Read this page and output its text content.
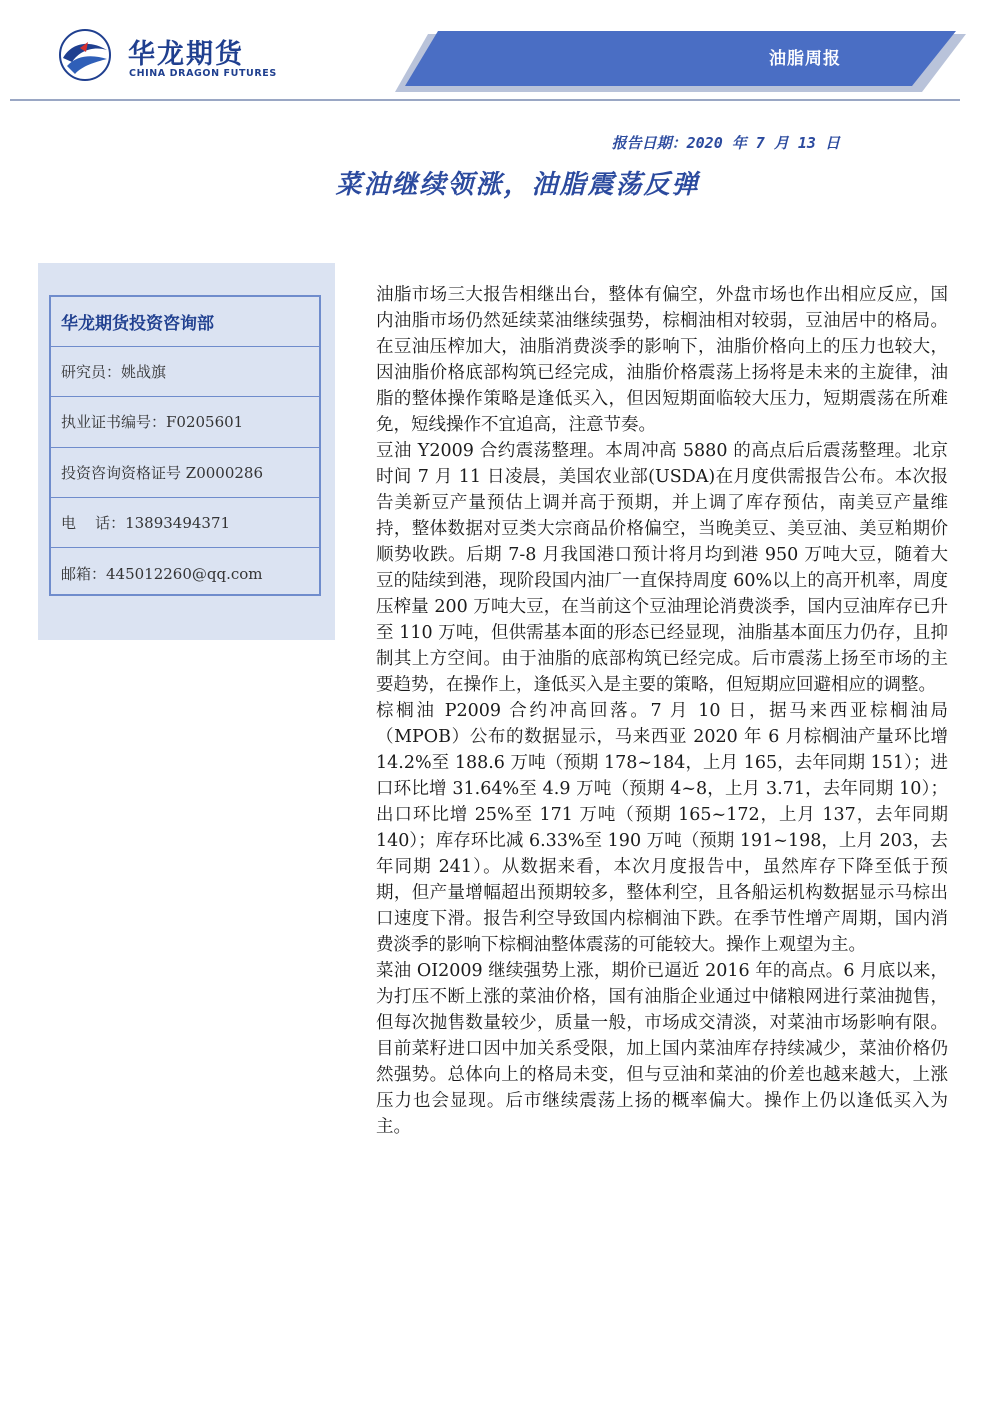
华龙期货
CHINA DRAGON FUTURES
油脂周报
报告日期：2020 年 7 月 13 日
菜油继续领涨，油脂震荡反弹
华龙期货投资咨询部
研究员：姚战旗
执业证书编号：F0205601
投资咨询资格证号 Z0000286
电    话：13893494371
邮箱：445012260@qq.com

油脂市场三大报告相继出台，整体有偏空，外盘市场也作出相应反应，国内油脂市场仍然延续菜油继续强势，棕榈油相对较弱，豆油居中的格局。在豆油压榨加大，油脂消费淡季的影响下，油脂价格向上的压力也较大，因油脂价格底部构筑已经完成，油脂价格震荡上扬将是未来的主旋律，油脂的整体操作策略是逢低买入，但因短期面临较大压力，短期震荡在所难免，短线操作不宜追高，注意节奏。

豆油 Y2009 合约震荡整理。本周冲高 5880 的高点后后震荡整理。北京时间 7 月 11 日凌晨，美国农业部(USDA)在月度供需报告公布。本次报告美新豆产量预估上调并高于预期，并上调了库存预估，南美豆产量维持，整体数据对豆类大宗商品价格偏空，当晚美豆、美豆油、美豆粕期价顺势收跌。后期 7-8 月我国港口预计将月均到港 950 万吨大豆，随着大豆的陆续到港，现阶段国内油厂一直保持周度 60%以上的高开机率，周度压榨量 200 万吨大豆，在当前这个豆油理论消费淡季，国内豆油库存已升至 110 万吨，但供需基本面的形态已经显现，油脂基本面压力仍存，且抑制其上方空间。由于油脂的底部构筑已经完成。后市震荡上扬至市场的主要趋势，在操作上，逢低买入是主要的策略，但短期应回避相应的调整。

棕榈油 P2009 合约冲高回落。7 月 10 日，据马来西亚棕榈油局（MPOB）公布的数据显示，马来西亚 2020 年 6 月棕榈油产量环比增 14.2%至 188.6 万吨（预期 178~184，上月 165，去年同期 151）；进口环比增 31.64%至 4.9 万吨（预期 4~8，上月 3.71，去年同期 10）；出口环比增 25%至 171 万吨（预期 165~172，上月 137，去年同期 140）；库存环比减 6.33%至 190 万吨（预期 191~198，上月 203，去年同期 241）。从数据来看，本次月度报告中，虽然库存下降至低于预期，但产量增幅超出预期较多，整体利空，且各船运机构数据显示马棕出口速度下滑。报告利空导致国内棕榈油下跌。在季节性增产周期，国内消费淡季的影响下棕榈油整体震荡的可能较大。操作上观望为主。

菜油 OI2009 继续强势上涨，期价已逼近 2016 年的高点。6 月底以来，为打压不断上涨的菜油价格，国有油脂企业通过中储粮网进行菜油抛售，但每次抛售数量较少，质量一般，市场成交清淡，对菜油市场影响有限。目前菜籽进口因中加关系受限，加上国内菜油库存持续减少，菜油价格仍然强势。总体向上的格局未变，但与豆油和菜油的价差也越来越大，上涨压力也会显现。后市继续震荡上扬的概率偏大。操作上仍以逢低买入为主。
